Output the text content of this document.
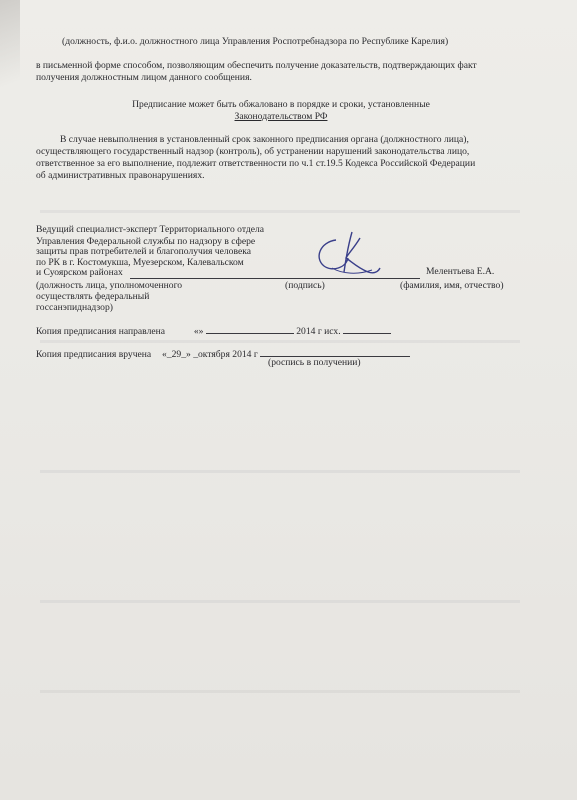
(должность, ф.и.о. должностного лица Управления Роспотребнадзора по Республике Карелия)
в письменной форме способом, позволяющим обеспечить получение доказательств, подтверждающих факт
получения должностным лицом данного сообщения.
Предписание может быть обжаловано в порядке и сроки, установленные
Законодательством РФ
В случае невыполнения в установленный срок законного предписания органа (должностного лица),
осуществляющего государственный надзор (контроль), об устранении нарушений законодательства лицо,
ответственное за его выполнение, подлежит ответственности по ч.1 ст.19.5 Кодекса Российской Федерации
об административных правонарушениях.
Ведущий специалист-эксперт Территориального отдела
Управления Федеральной службы по надзору в сфере
защиты прав потребителей и благополучия человека
по РК в г. Костомукша, Муезерском, Калевальском
и Суоярском районах	Мелентьева Е.А.
(должность лица, уполномоченного
осуществлять федеральный
госсанэпиднадзор)
(подпись)	(фамилия, имя, отчество)
Копия предписания направлена	«»	2014 г исх.
Копия предписания вручена «_29_» _октября 2014 г
(роспись в получении)
